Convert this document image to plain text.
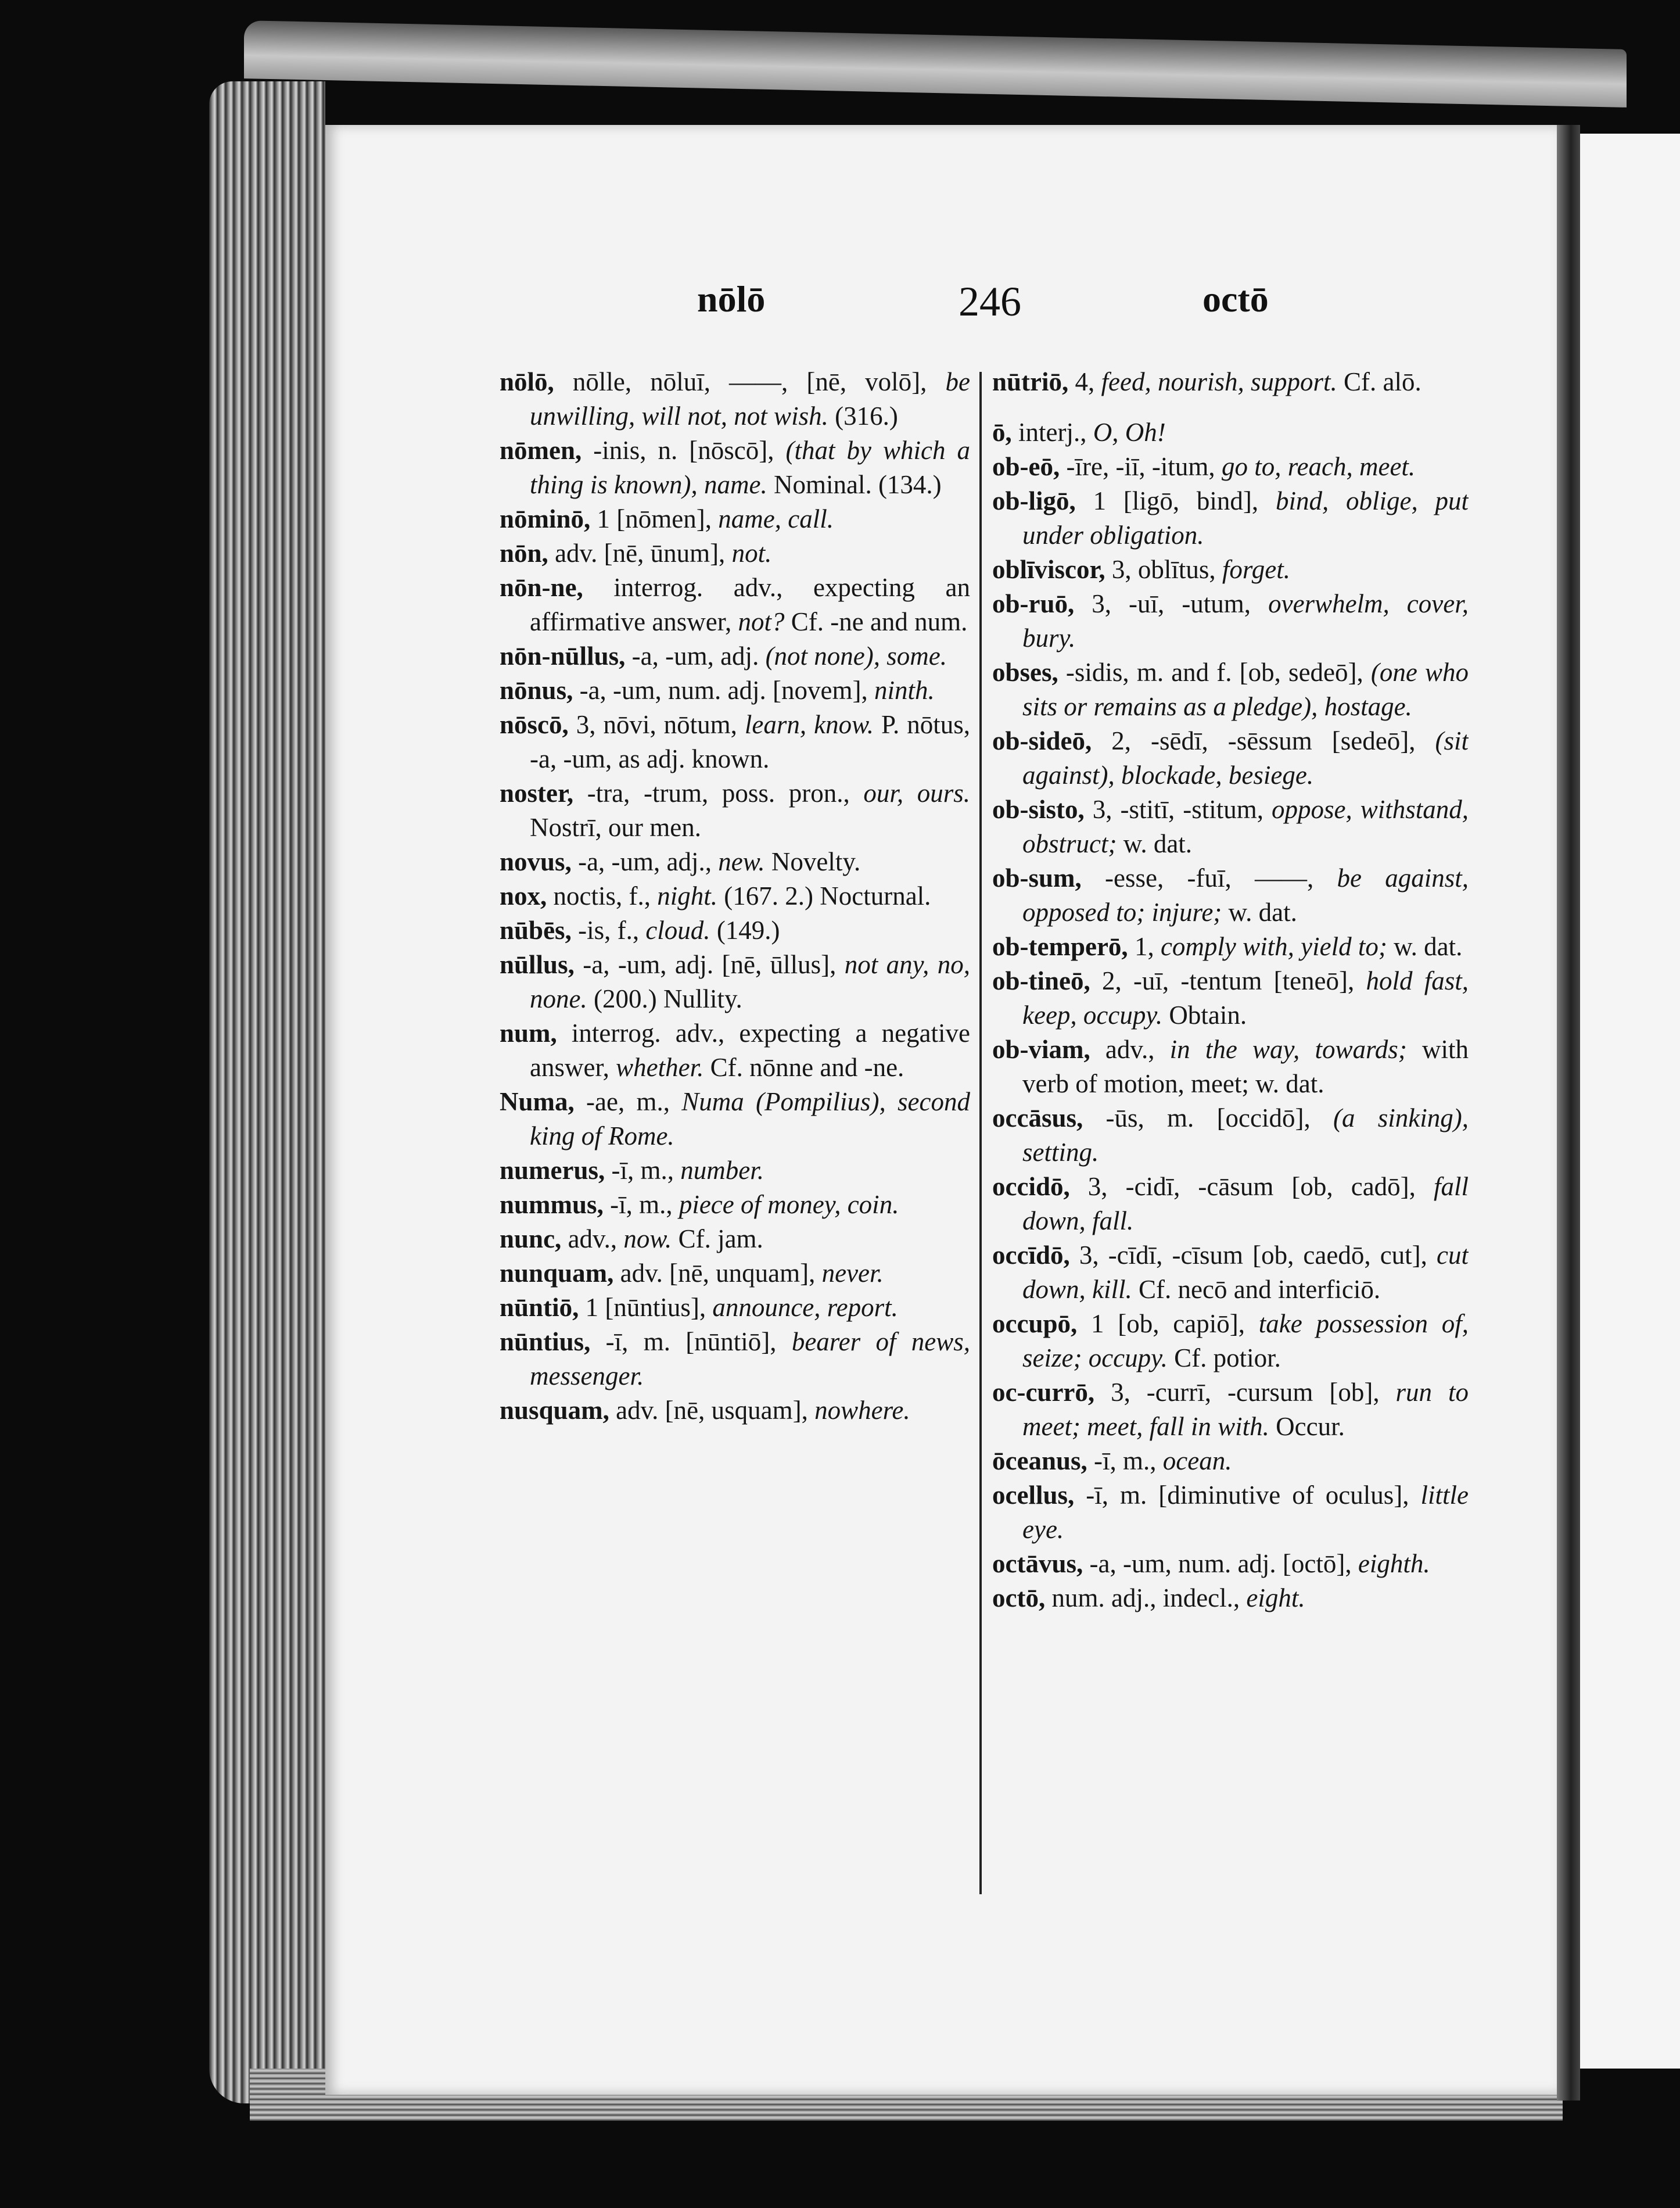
nōlō	246	octō

nōlō, nōlle, nōluī, ——, [nē, volō], be unwilling, will not, not wish. (316.)

nōmen, -inis, n. [nōscō], (that by which a thing is known), name. Nominal. (134.)

nōminō, 1 [nōmen], name, call.

nōn, adv. [nē, ūnum], not.

nōn-ne, interrog. adv., expecting an affirmative answer, not? Cf. -ne and num.

nōn-nūllus, -a, -um, adj. (not none), some.

nōnus, -a, -um, num. adj. [novem], ninth.

nōscō, 3, nōvi, nōtum, learn, know. P. nōtus, -a, -um, as adj. known.

noster, -tra, -trum, poss. pron., our, ours. Nostrī, our men.

novus, -a, -um, adj., new. Novelty.

nox, noctis, f., night. (167. 2.) Nocturnal.

nūbēs, -is, f., cloud. (149.)

nūllus, -a, -um, adj. [nē, ūllus], not any, no, none. (200.) Nullity.

num, interrog. adv., expecting a negative answer, whether. Cf. nōnne and -ne.

Numa, -ae, m., Numa (Pompilius), second king of Rome.

numerus, -ī, m., number.

nummus, -ī, m., piece of money, coin.

nunc, adv., now. Cf. jam.

nunquam, adv. [nē, unquam], never.

nūntiō, 1 [nūntius], announce, report.

nūntius, -ī, m. [nūntiō], bearer of news, messenger.

nusquam, adv. [nē, usquam], nowhere.

nūtriō, 4, feed, nourish, support. Cf. alō.

ō, interj., O, Oh!

ob-eō, -īre, -iī, -itum, go to, reach, meet.

ob-ligō, 1 [ligō, bind], bind, oblige, put under obligation.

oblīviscor, 3, oblītus, forget.

ob-ruō, 3, -uī, -utum, overwhelm, cover, bury.

obses, -sidis, m. and f. [ob, sedeō], (one who sits or remains as a pledge), hostage.

ob-sideō, 2, -sēdī, -sēssum [sedeō], (sit against), blockade, besiege.

ob-sisto, 3, -stitī, -stitum, oppose, withstand, obstruct; w. dat.

ob-sum, -esse, -fuī, ——, be against, opposed to; injure; w. dat.

ob-temperō, 1, comply with, yield to; w. dat.

ob-tineō, 2, -uī, -tentum [teneō], hold fast, keep, occupy. Obtain.

ob-viam, adv., in the way, towards; with verb of motion, meet; w. dat.

occāsus, -ūs, m. [occidō], (a sinking), setting.

occidō, 3, -cidī, -cāsum [ob, cadō], fall down, fall.

occīdō, 3, -cīdī, -cīsum [ob, caedō, cut], cut down, kill. Cf. necō and interficiō.

occupō, 1 [ob, capiō], take possession of, seize; occupy. Cf. potior.

oc-currō, 3, -currī, -cursum [ob], run to meet; meet, fall in with. Occur.

ōceanus, -ī, m., ocean.

ocellus, -ī, m. [diminutive of oculus], little eye.

octāvus, -a, -um, num. adj. [octō], eighth.

octō, num. adj., indecl., eight.
